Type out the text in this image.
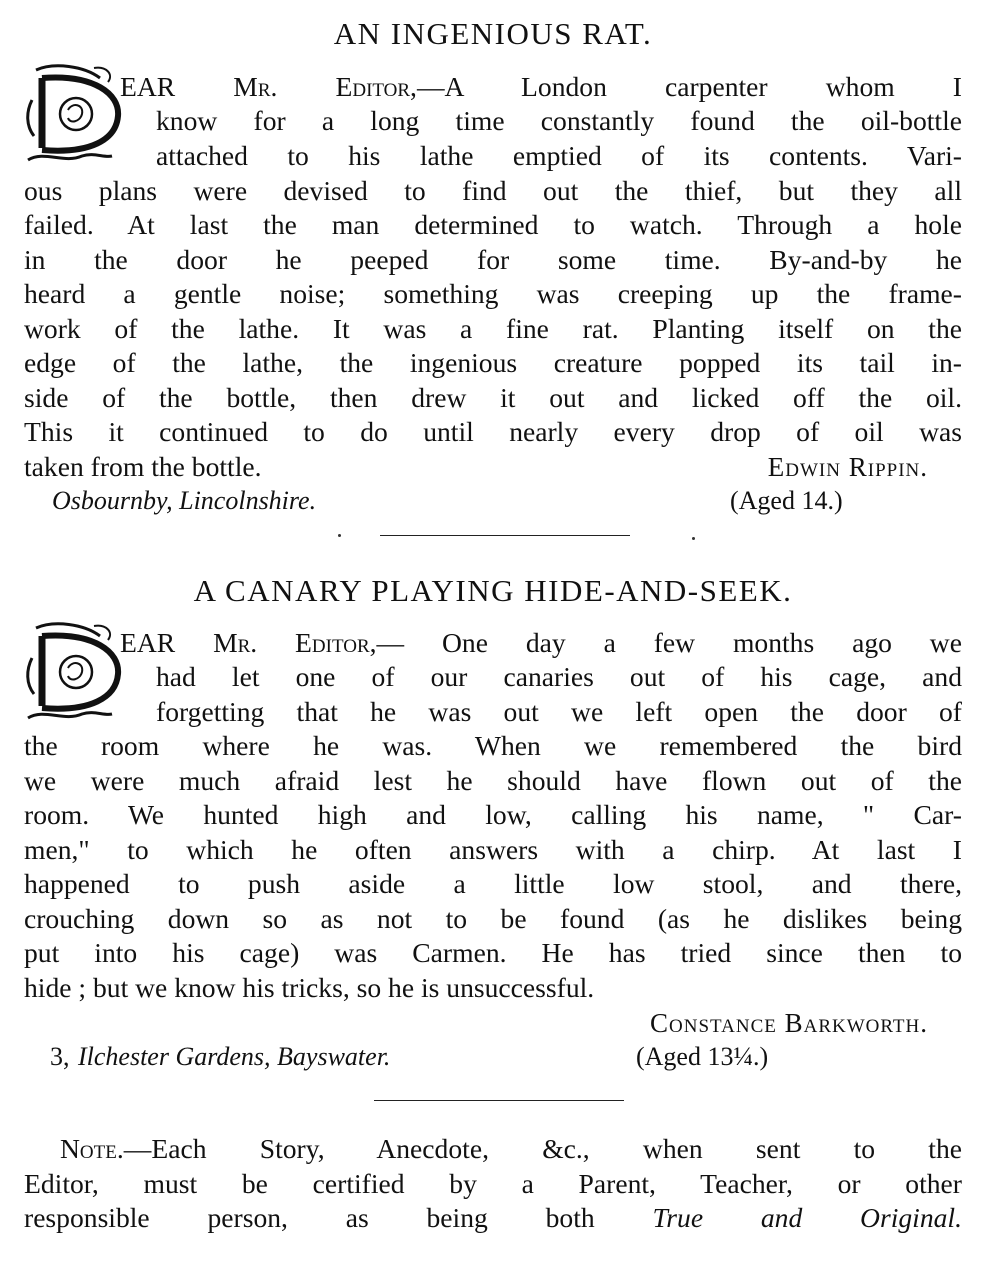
AN INGENIOUS RAT.
EAR Mr. Editor,—A London carpenter whom I
know for a long time constantly found the oil-bottle
attached to his lathe emptied of its contents. Vari-
ous plans were devised to find out the thief, but they all
failed. At last the man determined to watch. Through a hole
in the door he peeped for some time. By-and-by he
heard a gentle noise; something was creeping up the frame-
work of the lathe. It was a fine rat. Planting itself on the
edge of the lathe, the ingenious creature popped its tail in-
side of the bottle, then drew it out and licked off the oil.
This it continued to do until nearly every drop of oil was
taken from the bottle.	Edwin Rippin.
Osbournby, Lincolnshire.	(Aged 14.)
A CANARY PLAYING HIDE-AND-SEEK.
EAR Mr. Editor,— One day a few months ago we
had let one of our canaries out of his cage, and
forgetting that he was out we left open the door of
the room where he was. When we remembered the bird
we were much afraid lest he should have flown out of the
room. We hunted high and low, calling his name, " Car-
men," to which he often answers with a chirp. At last I
happened to push aside a little low stool, and there,
crouching down so as not to be found (as he dislikes being
put into his cage) was Carmen. He has tried since then to
hide ; but we know his tricks, so he is unsuccessful.
Constance Barkworth.
3, Ilchester Gardens, Bayswater.	(Aged 13¼.)
Note.—Each Story, Anecdote, &c., when sent to the
Editor, must be certified by a Parent, Teacher, or other
responsible person, as being both True and Original.
